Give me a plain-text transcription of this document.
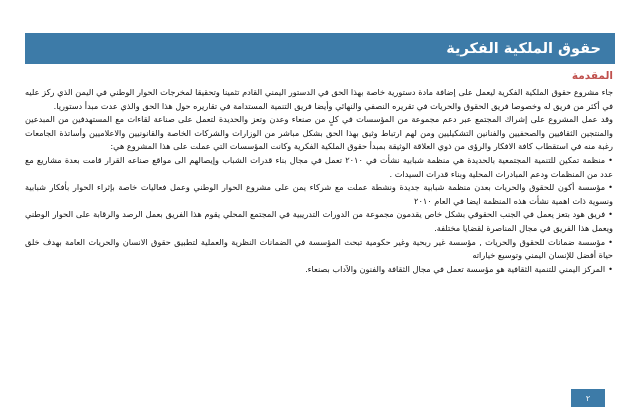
حقوق الملكية الفكرية
المقدمة

جاء مشروع حقوق الملكية الفكرية ليعمل على إضافة مادة دستورية خاصة بهذا الحق في الدستور اليمني القادم تثمينا وتحقيقا لمخرجات الحوار الوطني في اليمن الذي ركز عليه في أكثر من فريق له وخصوصا فريق الحقوق والحريات في تقريره النصفي والنهائي وأيضا فريق التنمية المستدامة في تقاريره حول هذا الحق والذي عدت مبدأ دستوريا.

وقد عمل المشروع على إشراك المجتمع عبر دعم مجموعة من المؤسسات في كلٍ من صنعاء وعدن وتعز والحديدة لتعمل على صناعة لقاءات مع المستهدفين من المبدعين والمنتجين الثقافيين والصحفيين والفنانين التشكيليين ومن لهم ارتباط وثيق بهذا الحق بشكل مباشر من الوزارات والشركات الخاصة والقانونيين والاعلاميين وأساتذة الجامعات رغبة منه في استقطاب كافة الافكار والرؤى من ذوي العلاقة الوثيقة بمبدأ حقوق الملكية الفكرية وكانت المؤسسات التي عملت على هذا المشروع هي:

•منظمة تمكين للتنمية المجتمعية بالحديدة هي منظمة شبابية نشأت في ٢٠١٠ تعمل في مجال بناء قدرات الشباب وإيصالهم الى مواقع صناعه القرار قامت بعدة مشاريع مع عدد من المنظمات ودعم المبادرات المحلية وبناء قدرات السيدات .
•مؤسسة أكون للحقوق والحريات بعدن منظمة شبابية جديدة ونشطة عملت مع شركاء يمن على مشروع الحوار الوطني وعمل فعاليات خاصة بإثراء الحوار بأفكار شبابية ونسوية ذات اهمية نشأت هذه المنظمة ايضا في العام ٢٠١٠
•فريق هود بتعز يعمل في الجنب الحقوقي بشكل خاص يقدمون مجموعة من الدورات التدريبية في المجتمع المحلي يقوم هذا الفريق بعمل الرصد والرقابة على الحوار الوطني ويعمل هذا الفريق في مجال المناصرة لقضايا مختلفة.
•مؤسسة ضمانات للحقوق والحريات , مؤسسة غير ربحية وغير حكومية تبحث المؤسسة في الضمانات النظرية والعملية لتطبيق حقوق الانسان والحريات العامة بهدف خلق حياة أفضل للإنسان اليمني وتوسيع خياراته
•المركز اليمني للتنمية الثقافية هو مؤسسة تعمل في مجال الثقافة والفنون والآداب بصنعاء.
٢
